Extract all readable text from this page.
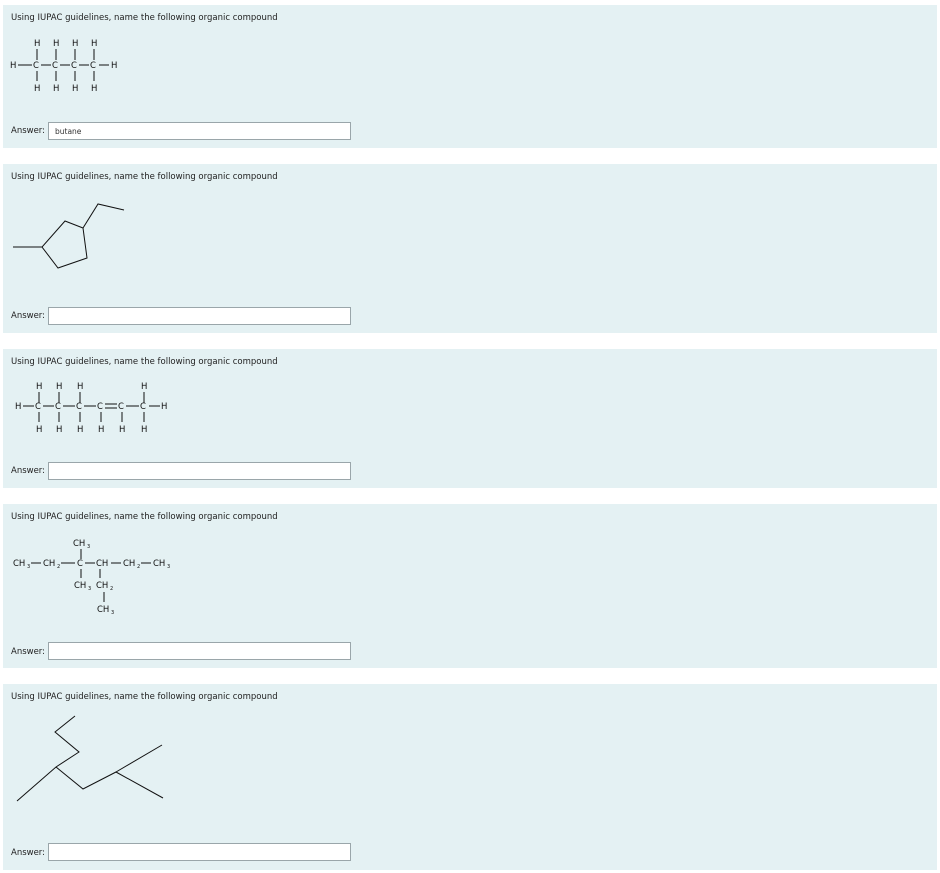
Using IUPAC guidelines, name the following organic compound
H H H H
H C C C C H
H H H H
Answer:
butane
Using IUPAC guidelines, name the following organic compound
Answer:
Using IUPAC guidelines, name the following organic compound
H H H	H
H C C C C C C H
H H H H H H
Answer:
Using IUPAC guidelines, name the following organic compound
CH 3
CH 3 CH 2 C CH CH 2 CH 3
CH 3 CH 2
CH 3
Answer:
Using IUPAC guidelines, name the following organic compound
Answer:
